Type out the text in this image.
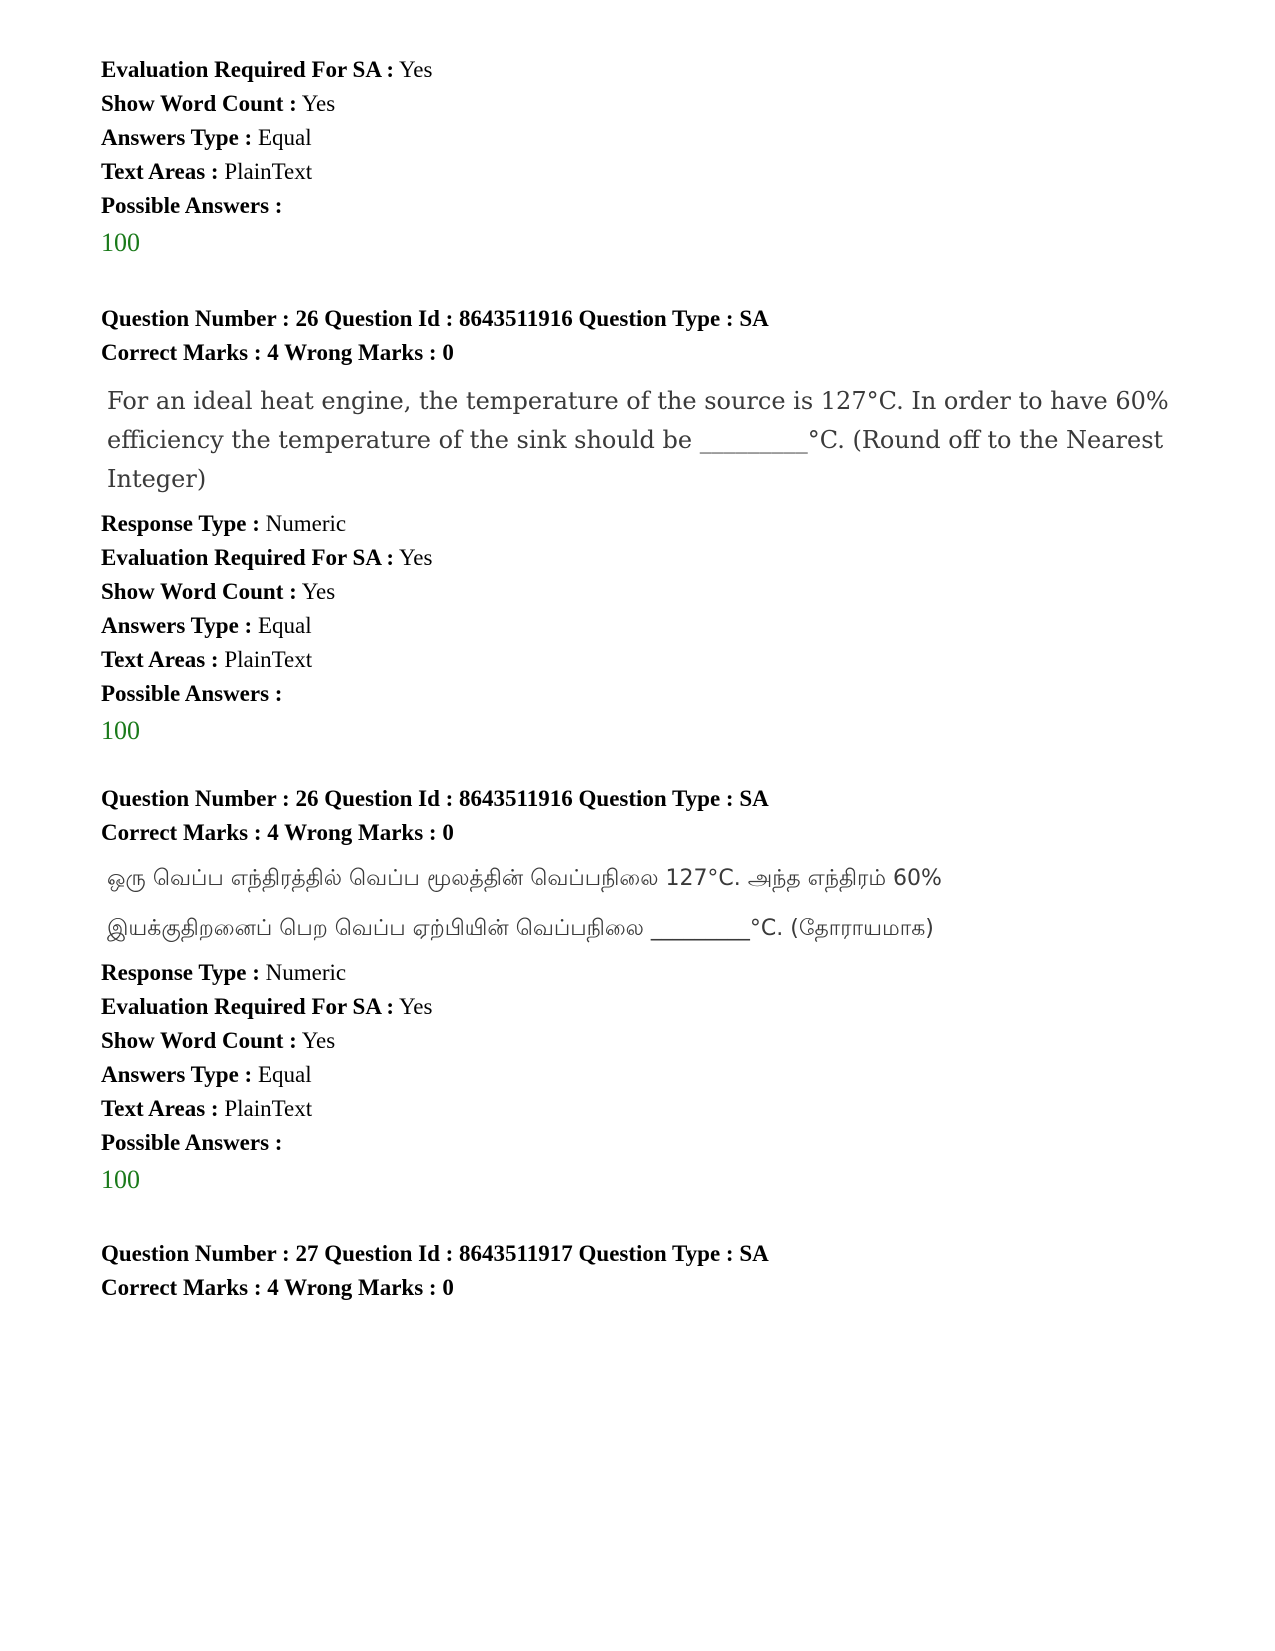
Evaluation Required For SA : Yes
Show Word Count : Yes
Answers Type : Equal
Text Areas : PlainText
Possible Answers :
100
Question Number : 26 Question Id : 8643511916 Question Type : SA
Correct Marks : 4 Wrong Marks : 0
For an ideal heat engine, the temperature of the source is 127°C. In order to have 60%
efficiency the temperature of the sink should be _________°C. (Round off to the Nearest
Integer)
Response Type : Numeric
Evaluation Required For SA : Yes
Show Word Count : Yes
Answers Type : Equal
Text Areas : PlainText
Possible Answers :
100
Question Number : 26 Question Id : 8643511916 Question Type : SA
Correct Marks : 4 Wrong Marks : 0
ஒரு வெப்ப எந்திரத்தில் வெப்ப மூலத்தின் வெப்பநிலை 127°C. அந்த எந்திரம் 60%
இயக்குதிறனைப் பெற வெப்ப ஏற்பியின் வெப்பநிலை _________°C. (தோராயமாக)
Response Type : Numeric
Evaluation Required For SA : Yes
Show Word Count : Yes
Answers Type : Equal
Text Areas : PlainText
Possible Answers :
100
Question Number : 27 Question Id : 8643511917 Question Type : SA
Correct Marks : 4 Wrong Marks : 0
